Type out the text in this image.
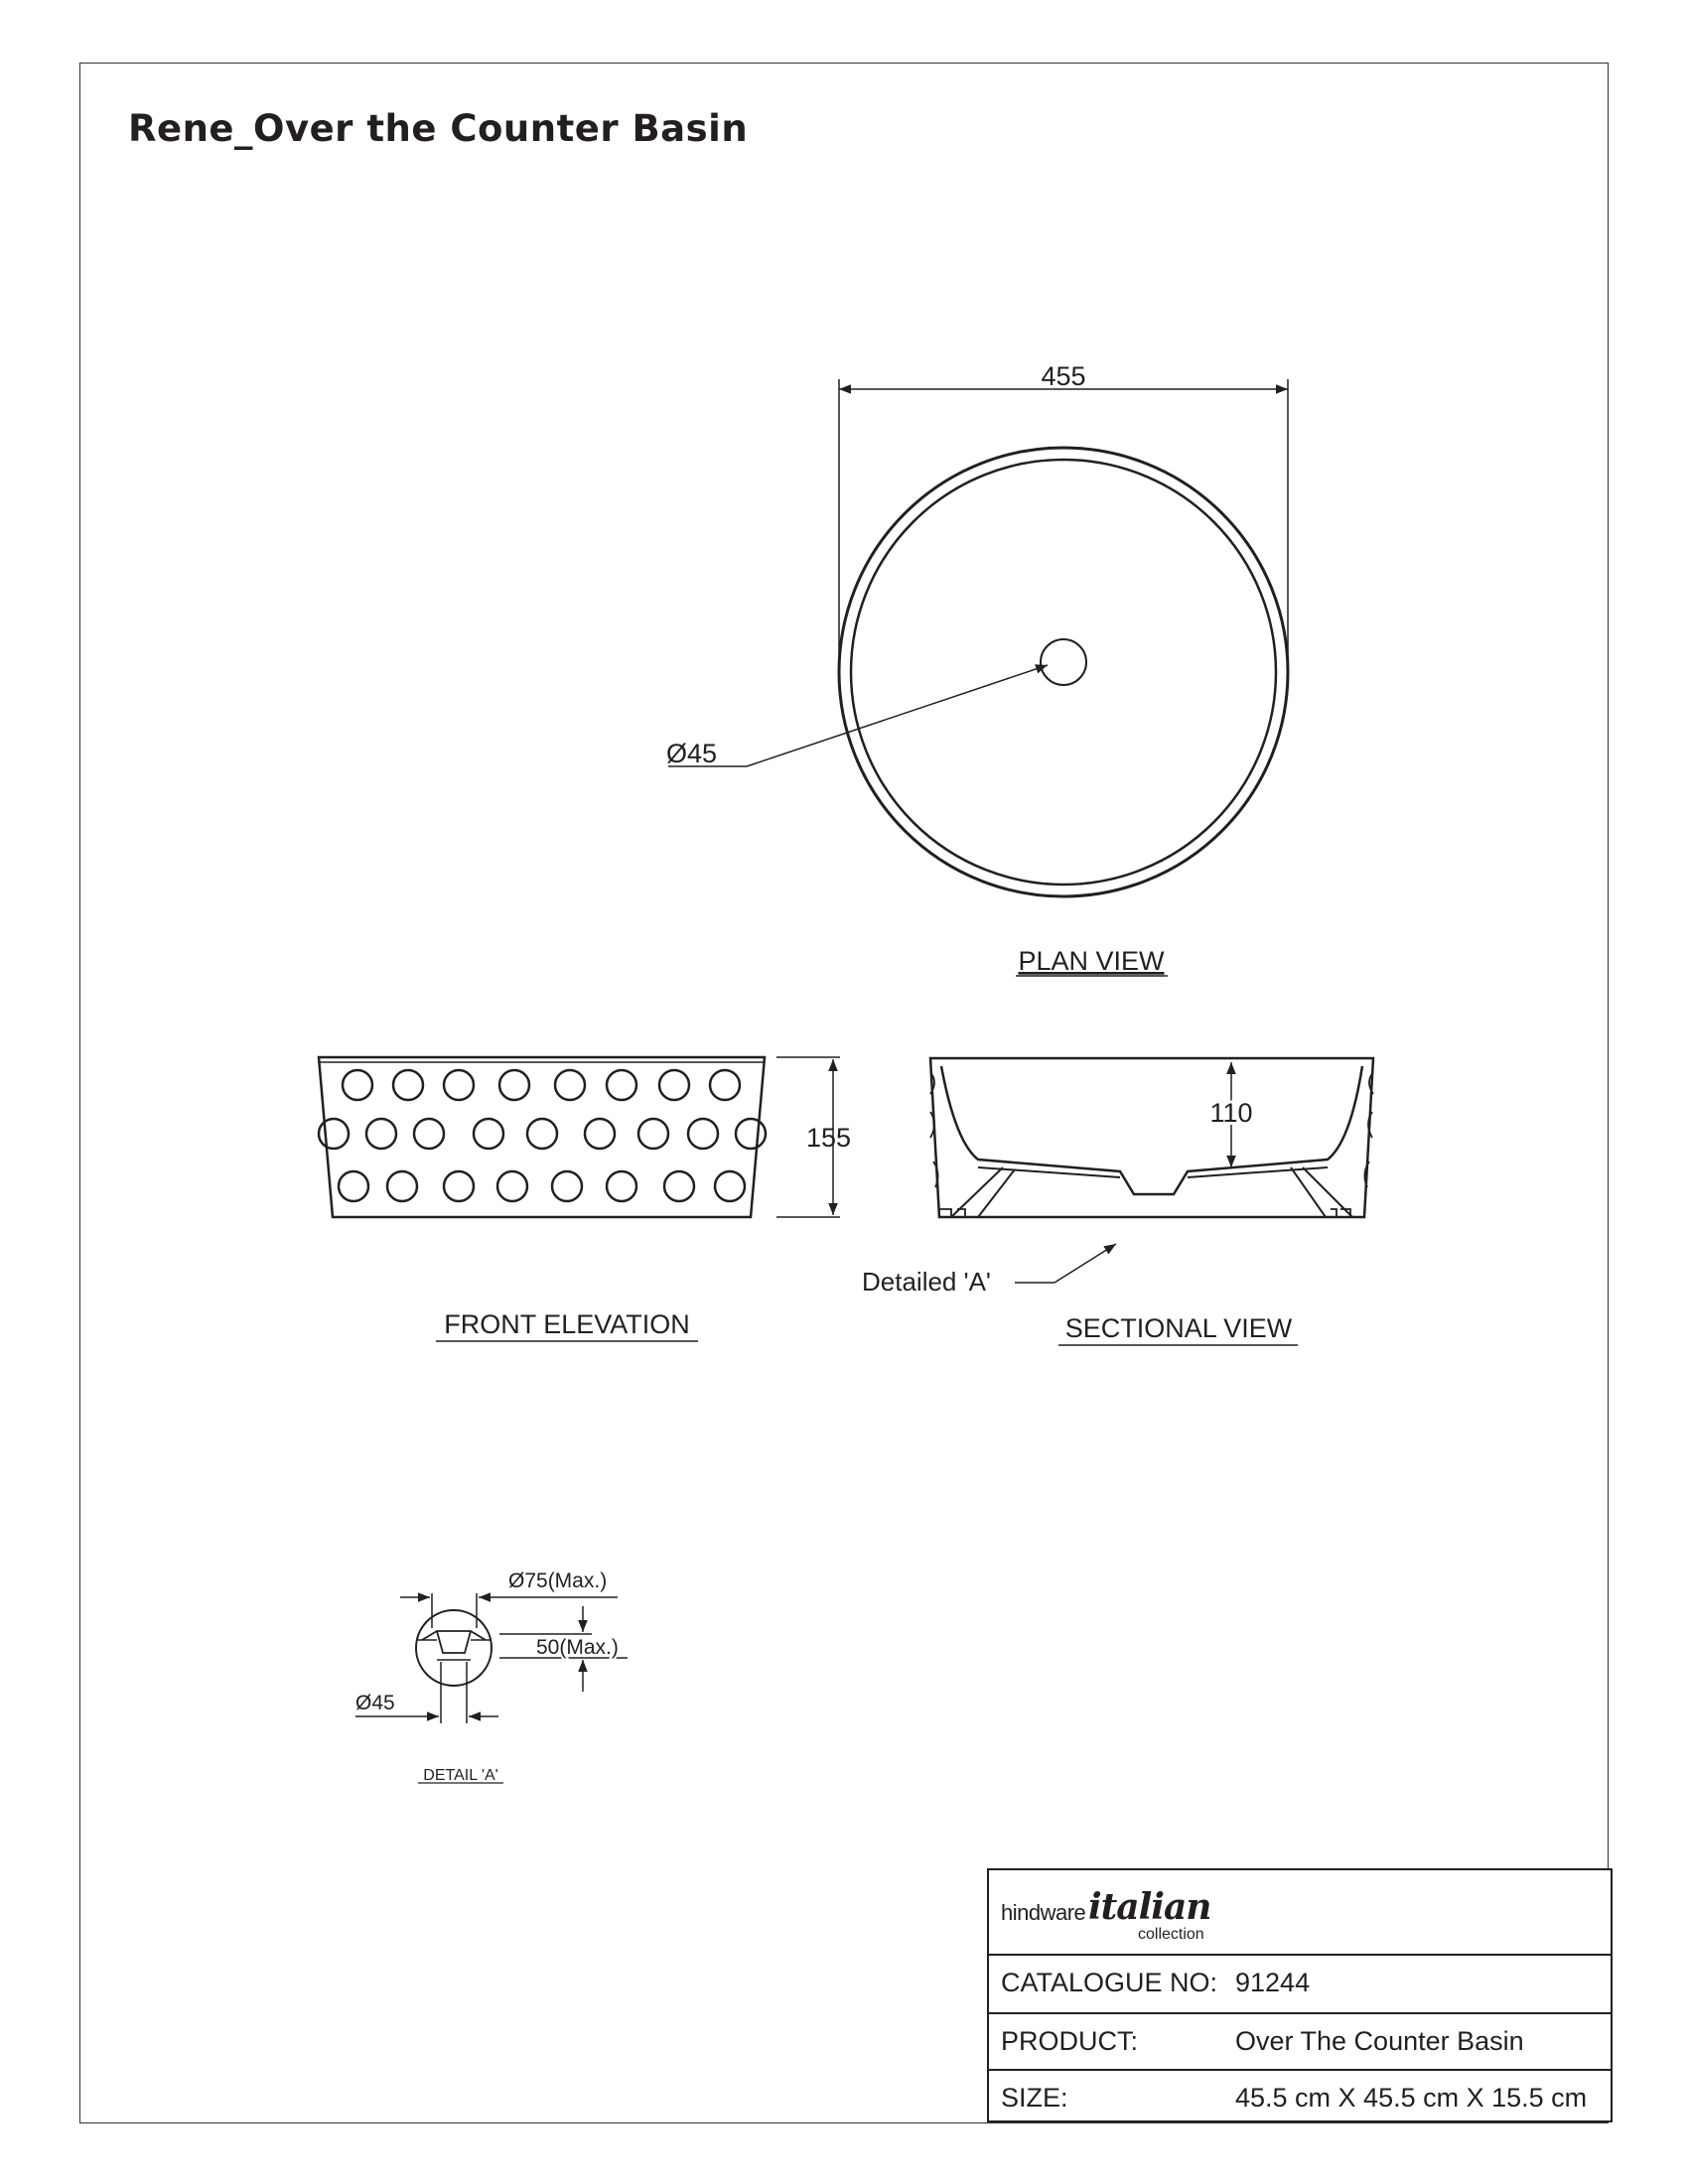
Rene_Over the Counter Basin
455
Ø45
PLAN VIEW
155
FRONT ELEVATION
110
Detailed 'A'
SECTIONAL VIEW
Ø75(Max.)
50(Max.)
Ø45
DETAIL 'A'
hindware italian
collection
CATALOGUE NO: 91244
PRODUCT:	Over The Counter Basin
SIZE:	45.5 cm X 45.5 cm X 15.5 cm
